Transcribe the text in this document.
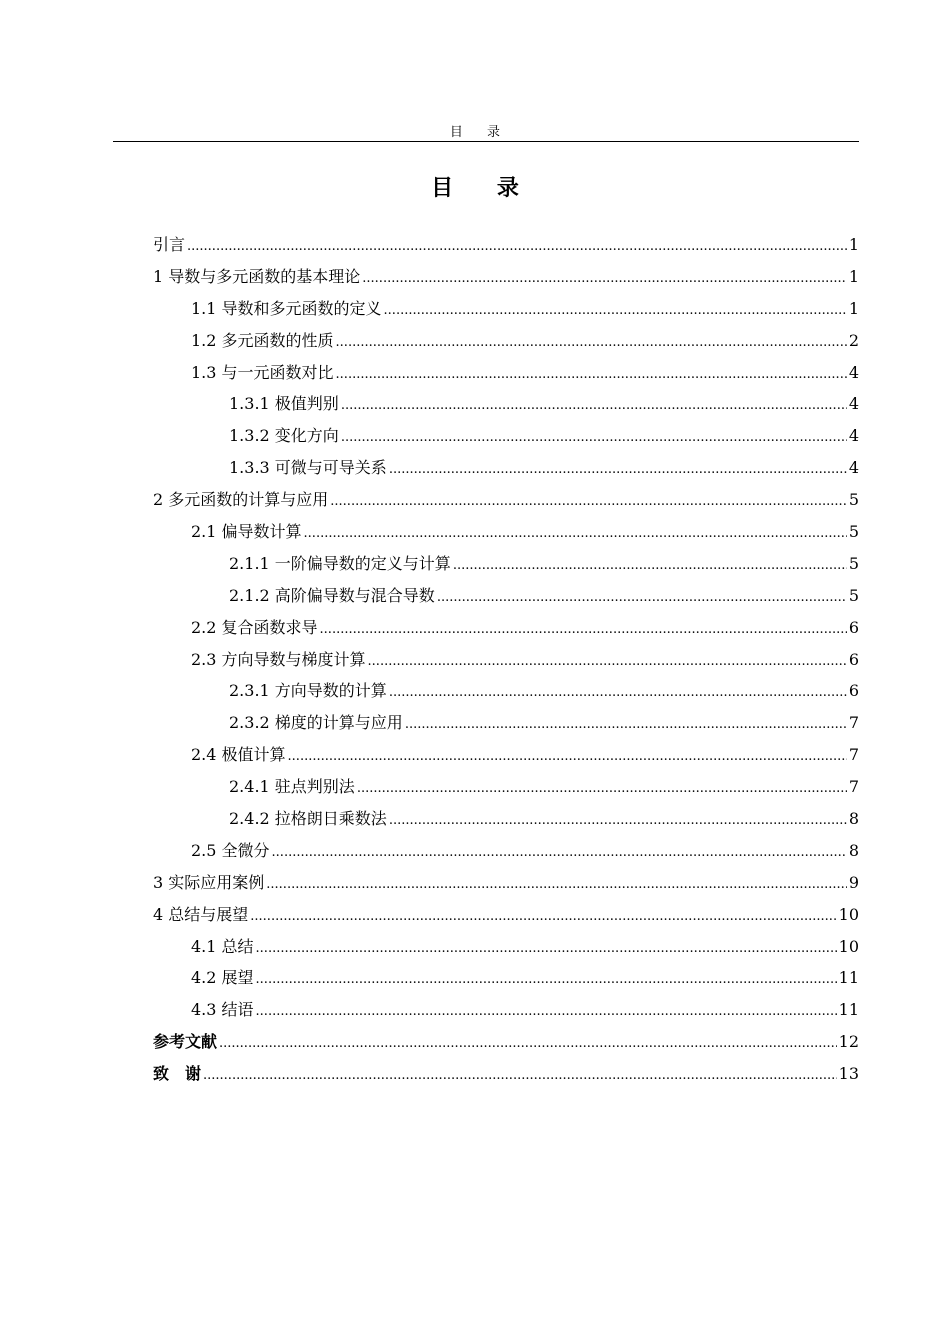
目 录
目 录
引言 .....	1
1 导数与多元函数的基本理论 .....	1
1.1 导数和多元函数的定义 .....	1
1.2 多元函数的性质 .....	2
1.3 与一元函数对比 .....	4
1.3.1 极值判别 .....	4
1.3.2 变化方向 .....	4
1.3.3 可微与可导关系 .....	4
2 多元函数的计算与应用 .....	5
2.1 偏导数计算 .....	5
2.1.1 一阶偏导数的定义与计算 .....	5
2.1.2 高阶偏导数与混合导数 .....	5
2.2 复合函数求导 .....	6
2.3 方向导数与梯度计算 .....	6
2.3.1 方向导数的计算 .....	6
2.3.2 梯度的计算与应用 .....	7
2.4 极值计算 .....	7
2.4.1 驻点判别法 .....	7
2.4.2 拉格朗日乘数法 .....	8
2.5 全微分 .....	8
3 实际应用案例 .....	9
4 总结与展望 .....	10
4.1 总结 .....	10
4.2 展望 .....	11
4.3 结语 .....	11
参考文献 .....	12
致　谢 .....	13
